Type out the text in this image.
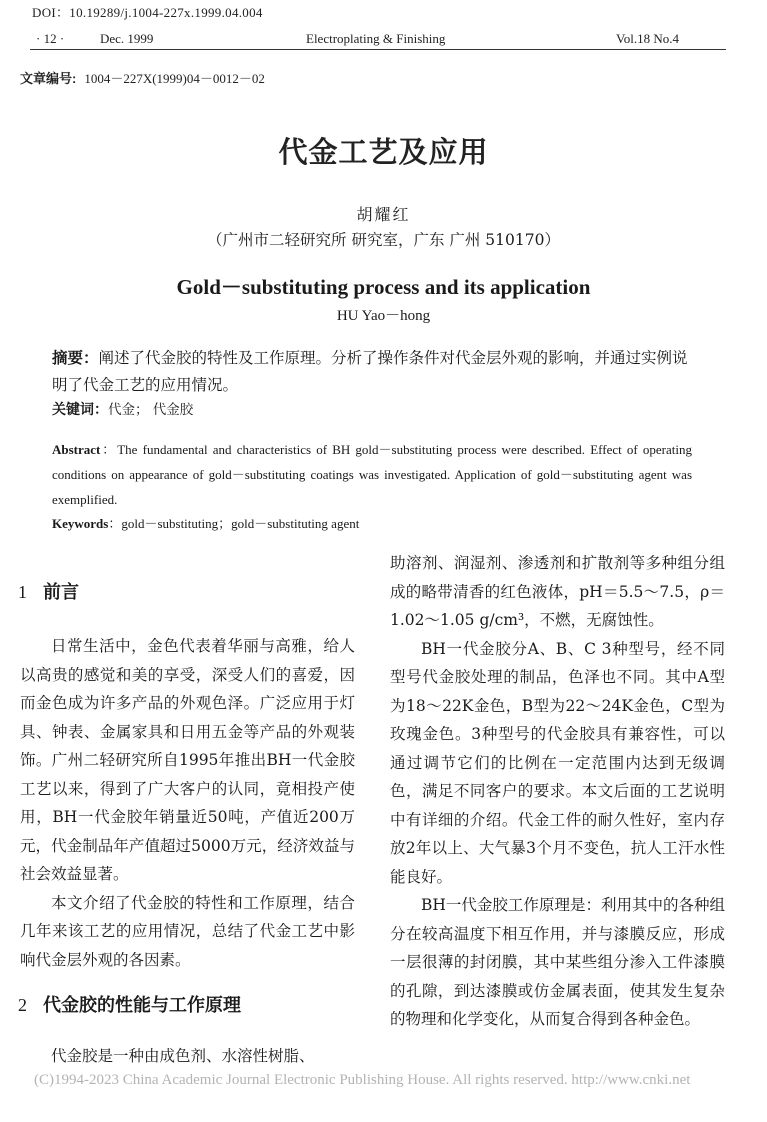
DOI：10.19289/j.1004-227x.1999.04.004
· 12 ·	Dec. 1999	Electroplating & Finishing	Vol.18 No.4
文章编号: 1004－227X(1999)04－0012－02
代金工艺及应用
胡耀红
（广州市二轻研究所 研究室，广东 广州 510170）
Gold－substituting process and its application
HU Yao－hong
摘要：阐述了代金胶的特性及工作原理。分析了操作条件对代金层外观的影响，并通过实例说明了代金工艺的应用情况。
关键词：代金； 代金胶
Abstract：The fundamental and characteristics of BH gold－substituting process were described. Effect of operating conditions on appearance of gold－substituting coatings was investigated. Application of gold－substituting agent was exemplified.
Keywords：gold－substituting；gold－substituting agent
1 前言

日常生活中，金色代表着华丽与高雅，给人以高贵的感觉和美的享受，深受人们的喜爱，因而金色成为许多产品的外观色泽。广泛应用于灯具、钟表、金属家具和日用五金等产品的外观装饰。广州二轻研究所自1995年推出BH一代金胶工艺以来，得到了广大客户的认同，竟相投产使用，BH一代金胶年销量近50吨，产值近200万元，代金制品年产值超过5000万元，经济效益与社会效益显著。

本文介绍了代金胶的特性和工作原理，结合几年来该工艺的应用情况，总结了代金工艺中影响代金层外观的各因素。

2 代金胶的性能与工作原理

代金胶是一种由成色剂、水溶性树脂、

助溶剂、润湿剂、渗透剂和扩散剂等多种组分组成的略带清香的红色液体，pH＝5.5～7.5，ρ＝1.02～1.05 g/cm³，不燃，无腐蚀性。

BH一代金胶分A、B、C 3种型号，经不同型号代金胶处理的制品，色泽也不同。其中A型为18～22K金色，B型为22～24K金色，C型为玫瑰金色。3种型号的代金胶具有兼容性，可以通过调节它们的比例在一定范围内达到无级调色，满足不同客户的要求。本文后面的工艺说明中有详细的介绍。代金工件的耐久性好，室内存放2年以上、大气暴3个月不变色，抗人工汗水性能良好。

BH一代金胶工作原理是：利用其中的各种组分在较高温度下相互作用，并与漆膜反应，形成一层很薄的封闭膜，其中某些组分渗入工件漆膜的孔隙，到达漆膜或仿金属表面，使其发生复杂的物理和化学变化，从而复合得到各种金色。

(C)1994-2023 China Academic Journal Electronic Publishing House. All rights reserved. http://www.cnki.net
